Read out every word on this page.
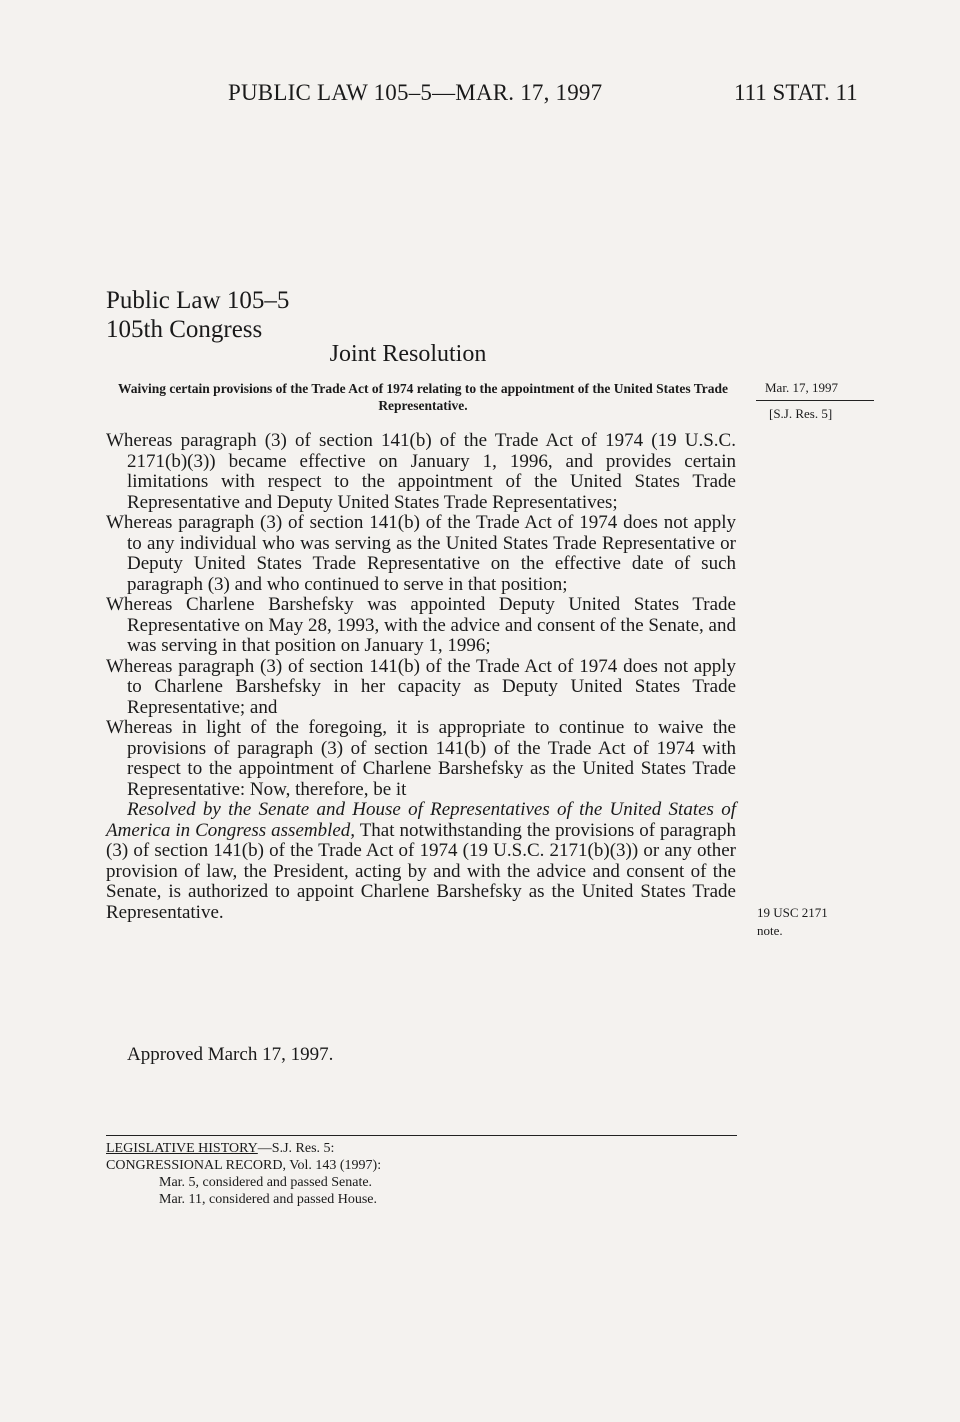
PUBLIC LAW 105–5—MAR. 17, 1997	111 STAT. 11
Public Law 105–5
105th Congress
Joint Resolution
Waiving certain provisions of the Trade Act of 1974 relating to the appointment of the United States Trade Representative.
Mar. 17, 1997
[S.J. Res. 5]

Whereas paragraph (3) of section 141(b) of the Trade Act of 1974 (19 U.S.C. 2171(b)(3)) became effective on January 1, 1996, and provides certain limitations with respect to the appointment of the United States Trade Representative and Deputy United States Trade Representatives;

Whereas paragraph (3) of section 141(b) of the Trade Act of 1974 does not apply to any individual who was serving as the United States Trade Representative or Deputy United States Trade Representative on the effective date of such paragraph (3) and who continued to serve in that position;

Whereas Charlene Barshefsky was appointed Deputy United States Trade Representative on May 28, 1993, with the advice and consent of the Senate, and was serving in that position on January 1, 1996;

Whereas paragraph (3) of section 141(b) of the Trade Act of 1974 does not apply to Charlene Barshefsky in her capacity as Deputy United States Trade Representative; and

Whereas in light of the foregoing, it is appropriate to continue to waive the provisions of paragraph (3) of section 141(b) of the Trade Act of 1974 with respect to the appointment of Charlene Barshefsky as the United States Trade Representative: Now, therefore, be it

Resolved by the Senate and House of Representatives of the United States of America in Congress assembled, That notwithstanding the provisions of paragraph (3) of section 141(b) of the Trade Act of 1974 (19 U.S.C. 2171(b)(3)) or any other provision of law, the President, acting by and with the advice and consent of the Senate, is authorized to appoint Charlene Barshefsky as the United States Trade Representative.	19 USC 2171
note.
Approved March 17, 1997.
LEGISLATIVE HISTORY—S.J. Res. 5:
CONGRESSIONAL RECORD, Vol. 143 (1997):
Mar. 5, considered and passed Senate.
Mar. 11, considered and passed House.
